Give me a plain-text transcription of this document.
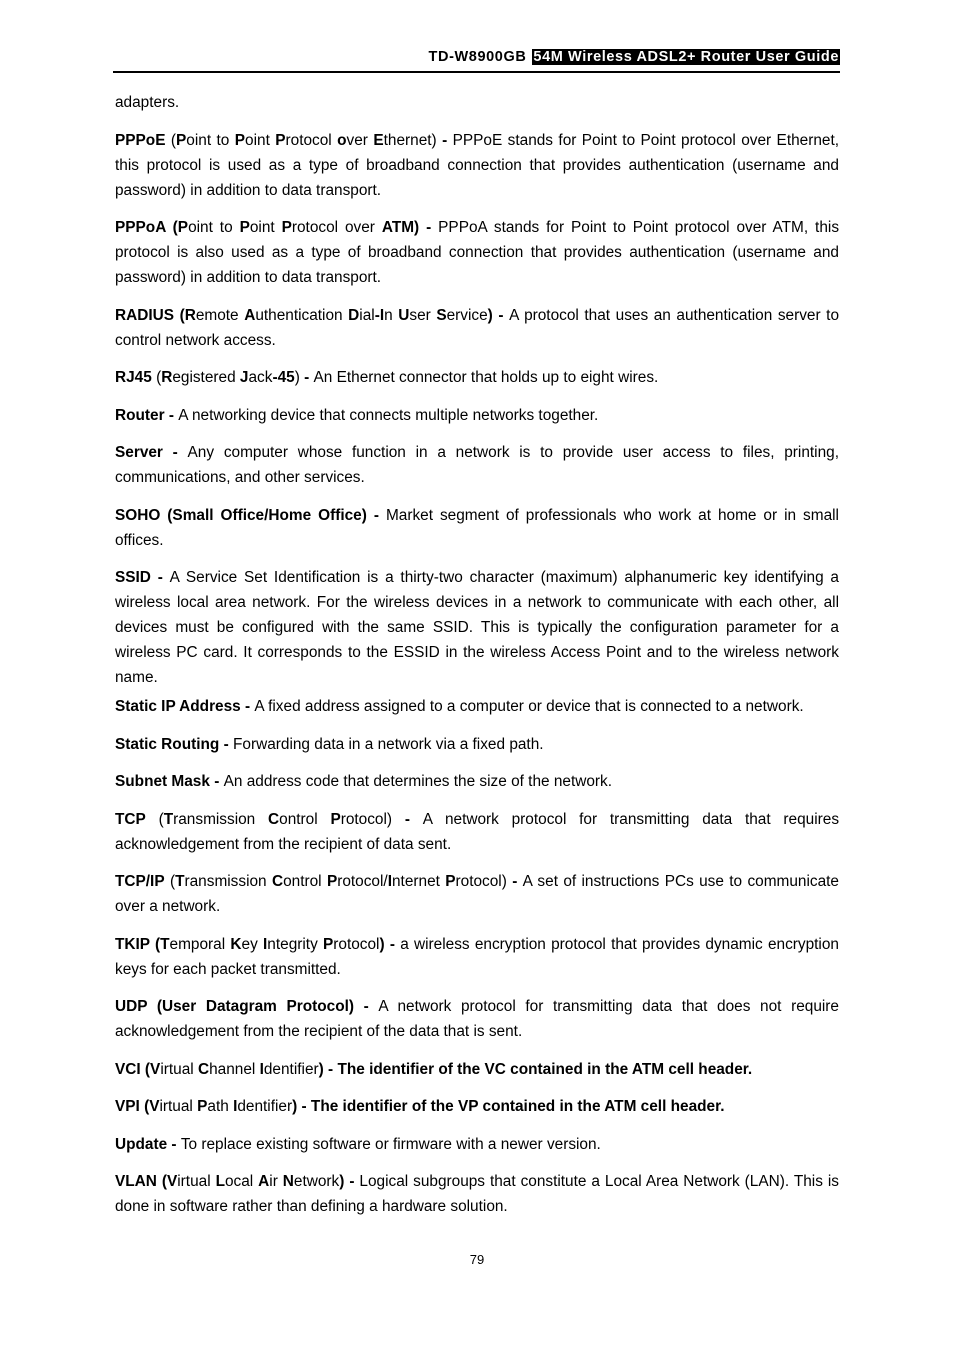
TD-W8900GB 54M Wireless ADSL2+ Router User Guide

adapters.

PPPoE (Point to Point Protocol over Ethernet) - PPPoE stands for Point to Point protocol over Ethernet, this protocol is used as a type of broadband connection that provides authentication (username and password) in addition to data transport.

PPPoA (Point to Point Protocol over ATM) - PPPoA stands for Point to Point protocol over ATM, this protocol is also used as a type of broadband connection that provides authentication (username and password) in addition to data transport.

RADIUS (Remote Authentication Dial-In User Service) - A protocol that uses an authentication server to control network access.

RJ45 (Registered Jack-45) - An Ethernet connector that holds up to eight wires.

Router - A networking device that connects multiple networks together.

Server - Any computer whose function in a network is to provide user access to files, printing, communications, and other services.

SOHO (Small Office/Home Office) - Market segment of professionals who work at home or in small offices.

SSID - A Service Set Identification is a thirty-two character (maximum) alphanumeric key identifying a wireless local area network. For the wireless devices in a network to communicate with each other, all devices must be configured with the same SSID. This is typically the configuration parameter for a wireless PC card. It corresponds to the ESSID in the wireless Access Point and to the wireless network name.

Static IP Address - A fixed address assigned to a computer or device that is connected to a network.

Static Routing - Forwarding data in a network via a fixed path.

Subnet Mask - An address code that determines the size of the network.

TCP (Transmission Control Protocol) - A network protocol for transmitting data that requires acknowledgement from the recipient of data sent.

TCP/IP (Transmission Control Protocol/Internet Protocol) - A set of instructions PCs use to communicate over a network.

TKIP (Temporal Key Integrity Protocol) - a wireless encryption protocol that provides dynamic encryption keys for each packet transmitted.

UDP (User Datagram Protocol) - A network protocol for transmitting data that does not require acknowledgement from the recipient of the data that is sent.

VCI (Virtual Channel Identifier) - The identifier of the VC contained in the ATM cell header.

VPI (Virtual Path Identifier) - The identifier of the VP contained in the ATM cell header.

Update - To replace existing software or firmware with a newer version.

VLAN (Virtual Local Air Network) - Logical subgroups that constitute a Local Area Network (LAN). This is done in software rather than defining a hardware solution.

79
